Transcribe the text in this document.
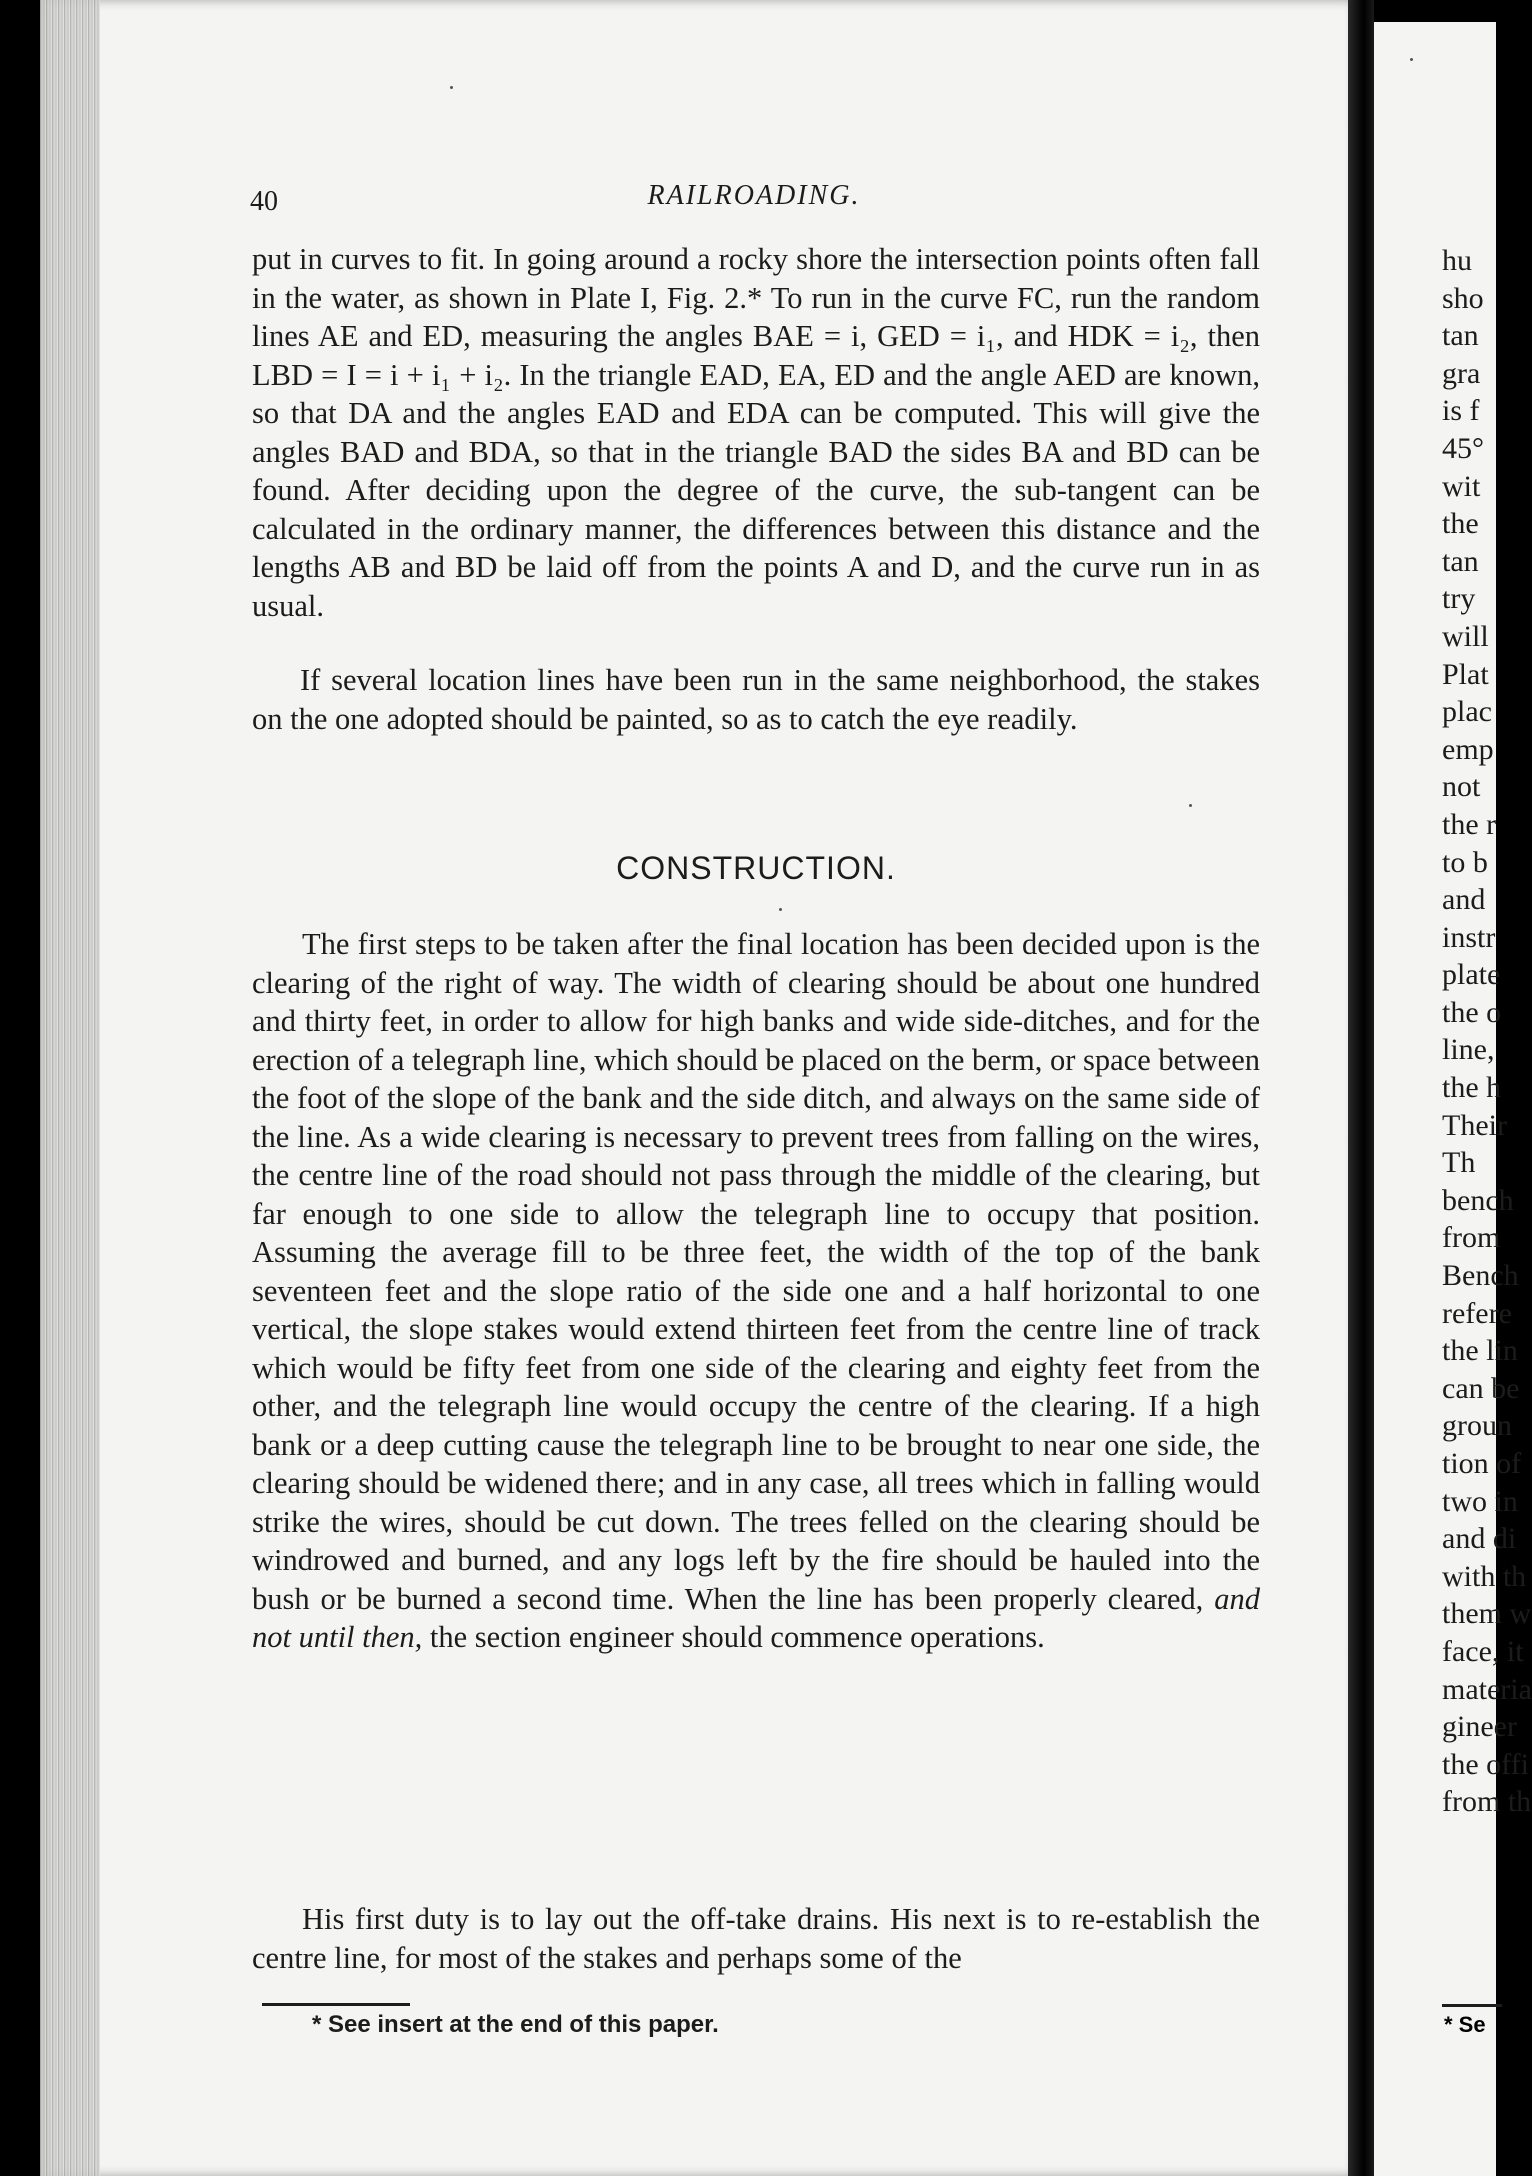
40	RAILROADING.

put in curves to fit. In going around a rocky shore the intersection points often fall in the water, as shown in Plate I, Fig. 2.* To run in the curve FC, run the random lines AE and ED, measuring the angles BAE = i, GED = i₁, and HDK = i₂, then LBD = I = i + i₁ + i₂. In the triangle EAD, EA, ED and the angle AED are known, so that DA and the angles EAD and EDA can be computed. This will give the angles BAD and BDA, so that in the triangle BAD the sides BA and BD can be found. After deciding upon the degree of the curve, the sub-tangent can be calculated in the ordinary manner, the differences between this distance and the lengths AB and BD be laid off from the points A and D, and the curve run in as usual.

If several location lines have been run in the same neighborhood, the stakes on the one adopted should be painted, so as to catch the eye readily.

CONSTRUCTION.

The first steps to be taken after the final location has been decided upon is the clearing of the right of way. The width of clearing should be about one hundred and thirty feet, in order to allow for high banks and wide side-ditches, and for the erection of a telegraph line, which should be placed on the berm, or space between the foot of the slope of the bank and the side ditch, and always on the same side of the line. As a wide clearing is necessary to prevent trees from falling on the wires, the centre line of the road should not pass through the middle of the clearing, but far enough to one side to allow the telegraph line to occupy that position. Assuming the average fill to be three feet, the width of the top of the bank seventeen feet and the slope ratio of the side one and a half horizontal to one vertical, the slope stakes would extend thirteen feet from the centre line of track which would be fifty feet from one side of the clearing and eighty feet from the other, and the telegraph line would occupy the centre of the clearing. If a high bank or a deep cutting cause the telegraph line to be brought to near one side, the clearing should be widened there; and in any case, all trees which in falling would strike the wires, should be cut down. The trees felled on the clearing should be windrowed and burned, and any logs left by the fire should be hauled into the bush or be burned a second time. When the line has been properly cleared, and not until then, the section engineer should commence operations.

His first duty is to lay out the off-take drains. His next is to re-establish the centre line, for most of the stakes and perhaps some of the

* See insert at the end of this paper.
hu
sho
tan
gra
is f
45°
wit
the
tan
try
will
Plat
plac
emp
not
the r
to b
and
instr
plate
the o
line,
the h
Their
Th
bench
from
Bench
refere
the lin
can be
groun
tion of
two in
and di
with th
them w
face, it
materia
gineer
the offi
from th
* Se
